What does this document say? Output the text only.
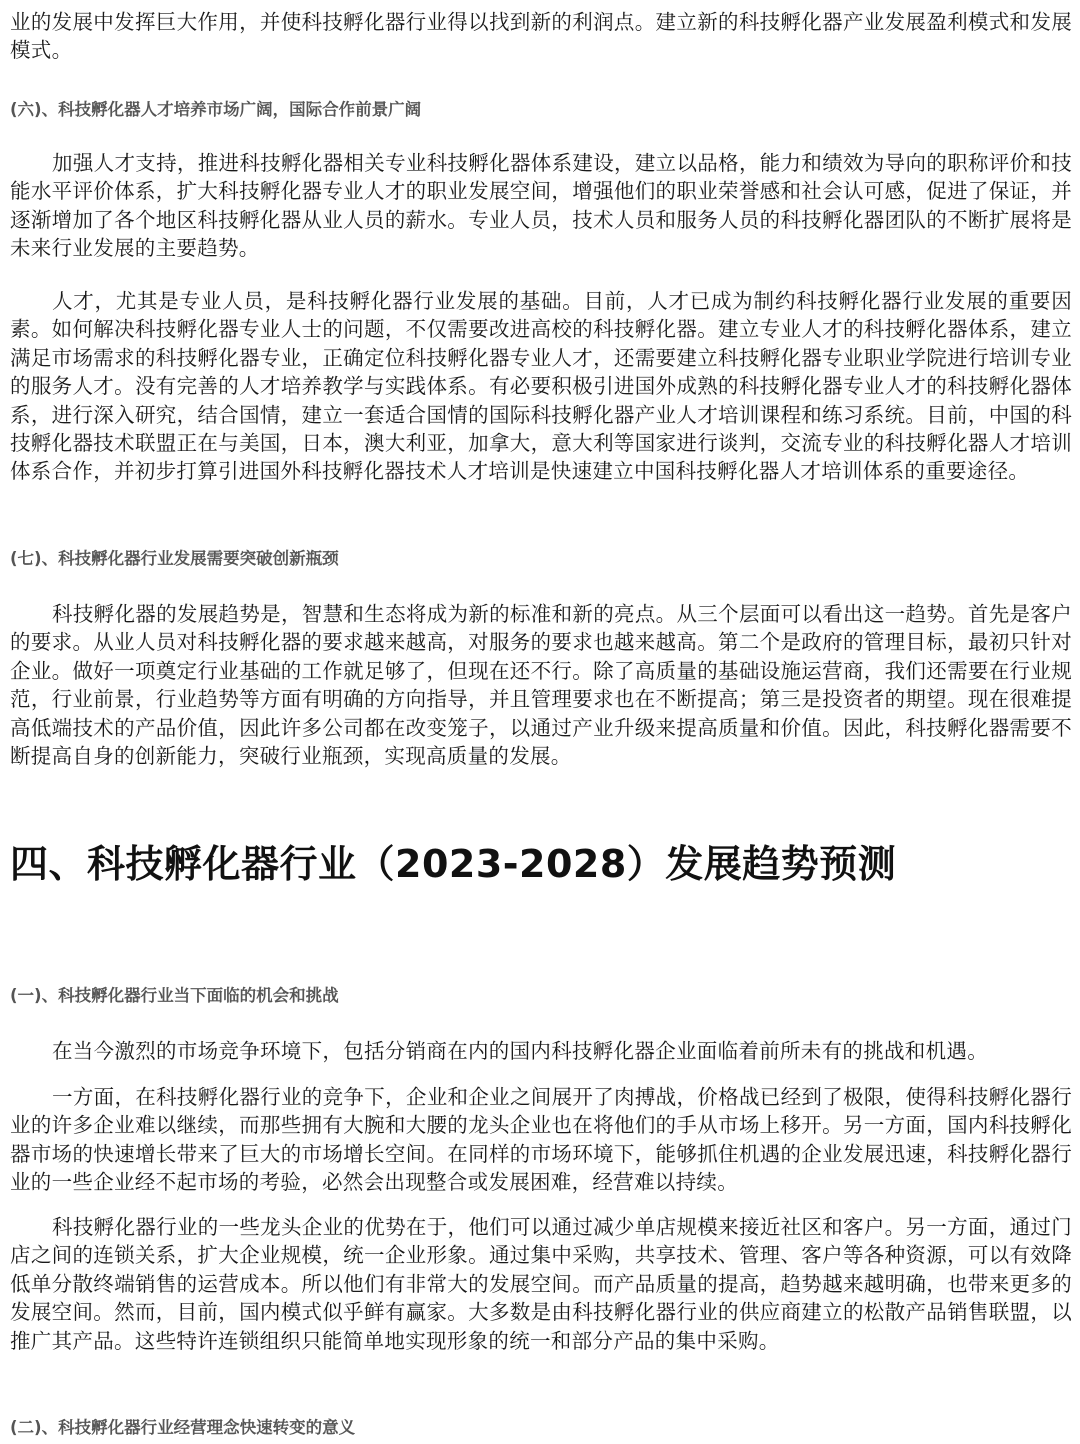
业的发展中发挥巨大作用，并使科技孵化器行业得以找到新的利润点。建立新的科技孵化器产业发展盈利模式和发展模式。

(六)、科技孵化器人才培养市场广阔，国际合作前景广阔

加强人才支持，推进科技孵化器相关专业科技孵化器体系建设，建立以品格，能力和绩效为导向的职称评价和技能水平评价体系，扩大科技孵化器专业人才的职业发展空间，增强他们的职业荣誉感和社会认可感，促进了保证，并逐渐增加了各个地区科技孵化器从业人员的薪水。专业人员，技术人员和服务人员的科技孵化器团队的不断扩展将是未来行业发展的主要趋势。

人才，尤其是专业人员，是科技孵化器行业发展的基础。目前，人才已成为制约科技孵化器行业发展的重要因素。如何解决科技孵化器专业人士的问题，不仅需要改进高校的科技孵化器。建立专业人才的科技孵化器体系，建立满足市场需求的科技孵化器专业，正确定位科技孵化器专业人才，还需要建立科技孵化器专业职业学院进行培训专业的服务人才。没有完善的人才培养教学与实践体系。有必要积极引进国外成熟的科技孵化器专业人才的科技孵化器体系，进行深入研究，结合国情，建立一套适合国情的国际科技孵化器产业人才培训课程和练习系统。目前，中国的科技孵化器技术联盟正在与美国，日本，澳大利亚，加拿大，意大利等国家进行谈判，交流专业的科技孵化器人才培训体系合作，并初步打算引进国外科技孵化器技术人才培训是快速建立中国科技孵化器人才培训体系的重要途径。

(七)、科技孵化器行业发展需要突破创新瓶颈

科技孵化器的发展趋势是，智慧和生态将成为新的标准和新的亮点。从三个层面可以看出这一趋势。首先是客户的要求。从业人员对科技孵化器的要求越来越高，对服务的要求也越来越高。第二个是政府的管理目标，最初只针对企业。做好一项奠定行业基础的工作就足够了，但现在还不行。除了高质量的基础设施运营商，我们还需要在行业规范，行业前景，行业趋势等方面有明确的方向指导，并且管理要求也在不断提高；第三是投资者的期望。现在很难提高低端技术的产品价值，因此许多公司都在改变笼子，以通过产业升级来提高质量和价值。因此，科技孵化器需要不断提高自身的创新能力，突破行业瓶颈，实现高质量的发展。

四、科技孵化器行业（2023-2028）发展趋势预测

(一)、科技孵化器行业当下面临的机会和挑战

在当今激烈的市场竞争环境下，包括分销商在内的国内科技孵化器企业面临着前所未有的挑战和机遇。

一方面，在科技孵化器行业的竞争下，企业和企业之间展开了肉搏战，价格战已经到了极限，使得科技孵化器行业的许多企业难以继续，而那些拥有大腕和大腰的龙头企业也在将他们的手从市场上移开。另一方面，国内科技孵化器市场的快速增长带来了巨大的市场增长空间。在同样的市场环境下，能够抓住机遇的企业发展迅速，科技孵化器行业的一些企业经不起市场的考验，必然会出现整合或发展困难，经营难以持续。

科技孵化器行业的一些龙头企业的优势在于，他们可以通过减少单店规模来接近社区和客户。另一方面，通过门店之间的连锁关系，扩大企业规模，统一企业形象。通过集中采购，共享技术、管理、客户等各种资源，可以有效降低单分散终端销售的运营成本。所以他们有非常大的发展空间。而产品质量的提高，趋势越来越明确，也带来更多的发展空间。然而，目前，国内模式似乎鲜有赢家。大多数是由科技孵化器行业的供应商建立的松散产品销售联盟，以推广其产品。这些特许连锁组织只能简单地实现形象的统一和部分产品的集中采购。

(二)、科技孵化器行业经营理念快速转变的意义
